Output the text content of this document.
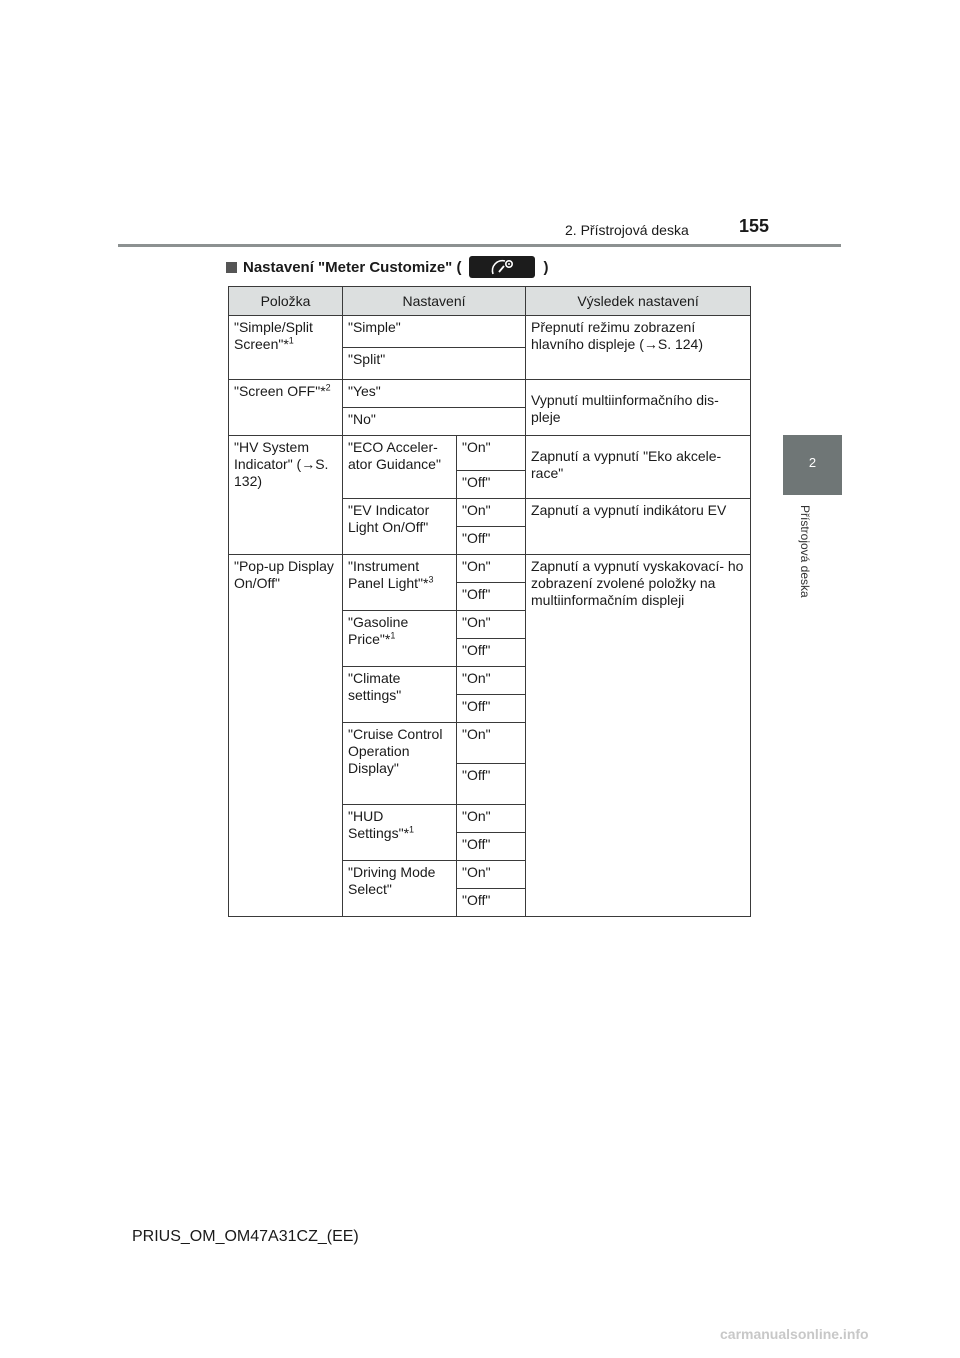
2. Přístrojová deska	155
2
Přístrojová deska
Nastavení "Meter Customize" (	)
Položka	Nastavení		Výsledek nastavení
"Simple/Split Screen"*$^1$	"Simple"		Přepnutí režimu zobrazení hlavního displeje (→S. 124)
	"Split"		
"Screen OFF"*$^2$	"Yes"		Vypnutí multiinformačního dis- pleje
	"No"		
"HV System Indicator" (→S. 132)	"ECO Acceler- ator Guidance"	"On"	Zapnutí a vypnutí "Eko akcele- race"
		"Off"	
	"EV Indicator Light On/Off"	"On"	Zapnutí a vypnutí indikátoru EV
		"Off"	
"Pop-up Display On/Off"	"Instrument Panel Light"*$^3$	"On"	Zapnutí a vypnutí vyskakovací- ho zobrazení zvolené položky na multiinformačním displeji
		"Off"	
	"Gasoline Price"*$^1$	"On"	
		"Off"	
	"Climate settings"	"On"	
		"Off"	
	"Cruise Control Operation Display"	"On"	
		"Off"	
	"HUD Settings"*$^1$	"On"	
		"Off"	
	"Driving Mode Select"	"On"	
		"Off"	
PRIUS_OM_OM47A31CZ_(EE)
carmanualsonline.info
